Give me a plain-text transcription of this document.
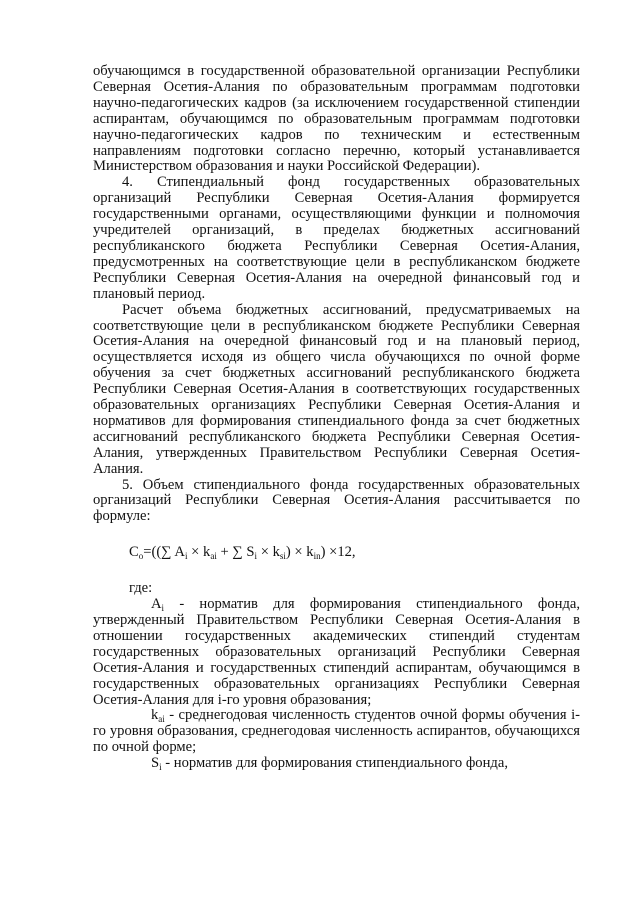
обучающимся в государственной образовательной организации Республики Северная Осетия-Алания по образовательным программам подготовки научно-педагогических кадров (за исключением государственной стипендии аспирантам, обучающимся по образовательным программам подготовки научно-педагогических кадров по техническим и естественным направлениям подготовки согласно перечню, который устанавливается Министерством образования и науки Российской Федерации).

4. Стипендиальный фонд государственных образовательных организаций Республики Северная Осетия-Алания формируется государственными органами, осуществляющими функции и полномочия учредителей организаций, в пределах бюджетных ассигнований республиканского бюджета Республики Северная Осетия-Алания, предусмотренных на соответствующие цели в республиканском бюджете Республики Северная Осетия-Алания на очередной финансовый год и плановый период.

Расчет объема бюджетных ассигнований, предусматриваемых на соответствующие цели в республиканском бюджете Республики Северная Осетия-Алания на очередной финансовый год и на плановый период, осуществляется исходя из общего числа обучающихся по очной форме обучения за счет бюджетных ассигнований республиканского бюджета Республики Северная Осетия-Алания в соответствующих государственных образовательных организациях Республики Северная Осетия-Алания и нормативов для формирования стипендиального фонда за счет бюджетных ассигнований республиканского бюджета Республики Северная Осетия-Алания, утвержденных Правительством Республики Северная Осетия-Алания.

5. Объем стипендиального фонда государственных образовательных организаций Республики Северная Осетия-Алания рассчитывается по формуле:

$C_o=((\sum$ $A_i \times k_{ai}$ + ∑ $S_i \times k_{si}) \times k_{in}) \times 12$,

где:

$A_i$ - норматив для формирования стипендиального фонда, утвержденный Правительством Республики Северная Осетия-Алания в отношении государственных академических стипендий студентам государственных образовательных организаций Республики Северная Осетия-Алания и государственных стипендий аспирантам, обучающимся в государственных образовательных организациях Республики Северная Осетия-Алания для i-го уровня образования;

$k_{ai}$ - среднегодовая численность студентов очной формы обучения i-го уровня образования, среднегодовая численность аспирантов, обучающихся по очной форме;

$S_i$ - норматив для формирования стипендиального фонда,
